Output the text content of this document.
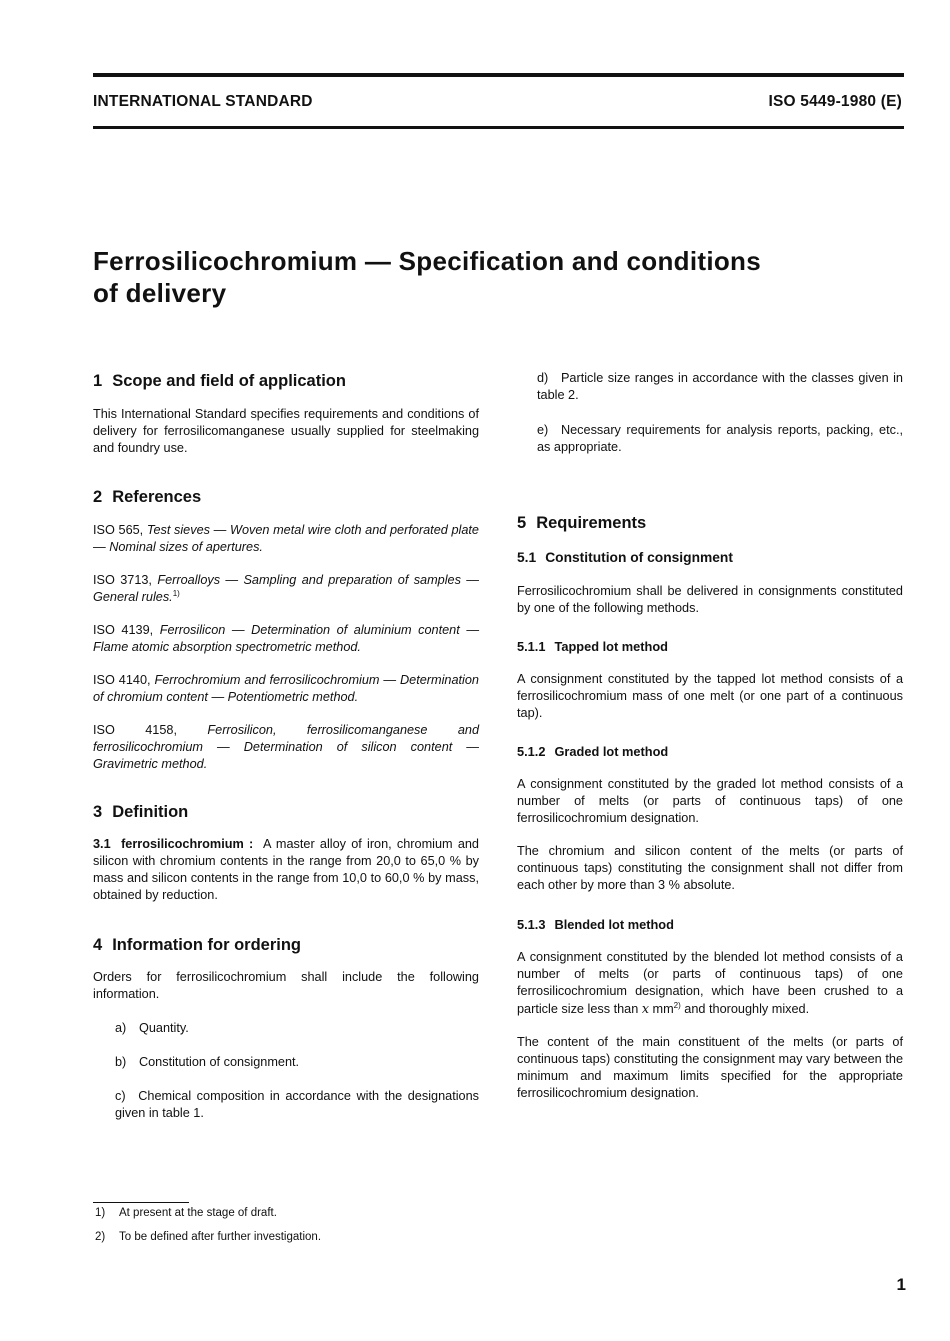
INTERNATIONAL STANDARD	ISO 5449-1980 (E)
Ferrosilicochromium — Specification and conditions
of delivery
1 Scope and field of application

This International Standard specifies requirements and conditions of delivery for ferrosilicomanganese usually supplied for steelmaking and foundry use.

2 References

ISO 565, Test sieves — Woven metal wire cloth and perforated plate — Nominal sizes of apertures.

ISO 3713, Ferroalloys — Sampling and preparation of samples — General rules.$^{1)}$

ISO 4139, Ferrosilicon — Determination of aluminium content — Flame atomic absorption spectrometric method.

ISO 4140, Ferrochromium and ferrosilicochromium — Determination of chromium content — Potentiometric method.

ISO 4158, Ferrosilicon, ferrosilicomanganese and ferrosilicochromium — Determination of silicon content — Gravimetric method.

3 Definition

3.1 ferrosilicochromium : A master alloy of iron, chromium and silicon with chromium contents in the range from 20,0 to 65,0 % by mass and silicon contents in the range from 10,0 to 60,0 % by mass, obtained by reduction.

4 Information for ordering

Orders for ferrosilicochromium shall include the following information.

a) Quantity.

b) Constitution of consignment.

c) Chemical composition in accordance with the designations given in table 1.

d) Particle size ranges in accordance with the classes given in table 2.

e) Necessary requirements for analysis reports, packing, etc., as appropriate.

5 Requirements
5.1 Constitution of consignment

Ferrosilicochromium shall be delivered in consignments constituted by one of the following methods.

5.1.1 Tapped lot method

A consignment constituted by the tapped lot method consists of a ferrosilicochromium mass of one melt (or one part of a continuous tap).

5.1.2 Graded lot method

A consignment constituted by the graded lot method consists of a number of melts (or parts of continuous taps) of one ferrosilicochromium designation.

The chromium and silicon content of the melts (or parts of continuous taps) constituting the consignment shall not differ from each other by more than 3 % absolute.

5.1.3 Blended lot method

A consignment constituted by the blended lot method consists of a number of melts (or parts of continuous taps) of one ferrosilicochromium designation, which have been crushed to a particle size less than x $mm^{2)}$ and thoroughly mixed.

The content of the main constituent of the melts (or parts of continuous taps) constituting the consignment may vary between the minimum and maximum limits specified for the appropriate ferrosilicochromium designation.

1) At present at the stage of draft.
2) To be defined after further investigation.
1
